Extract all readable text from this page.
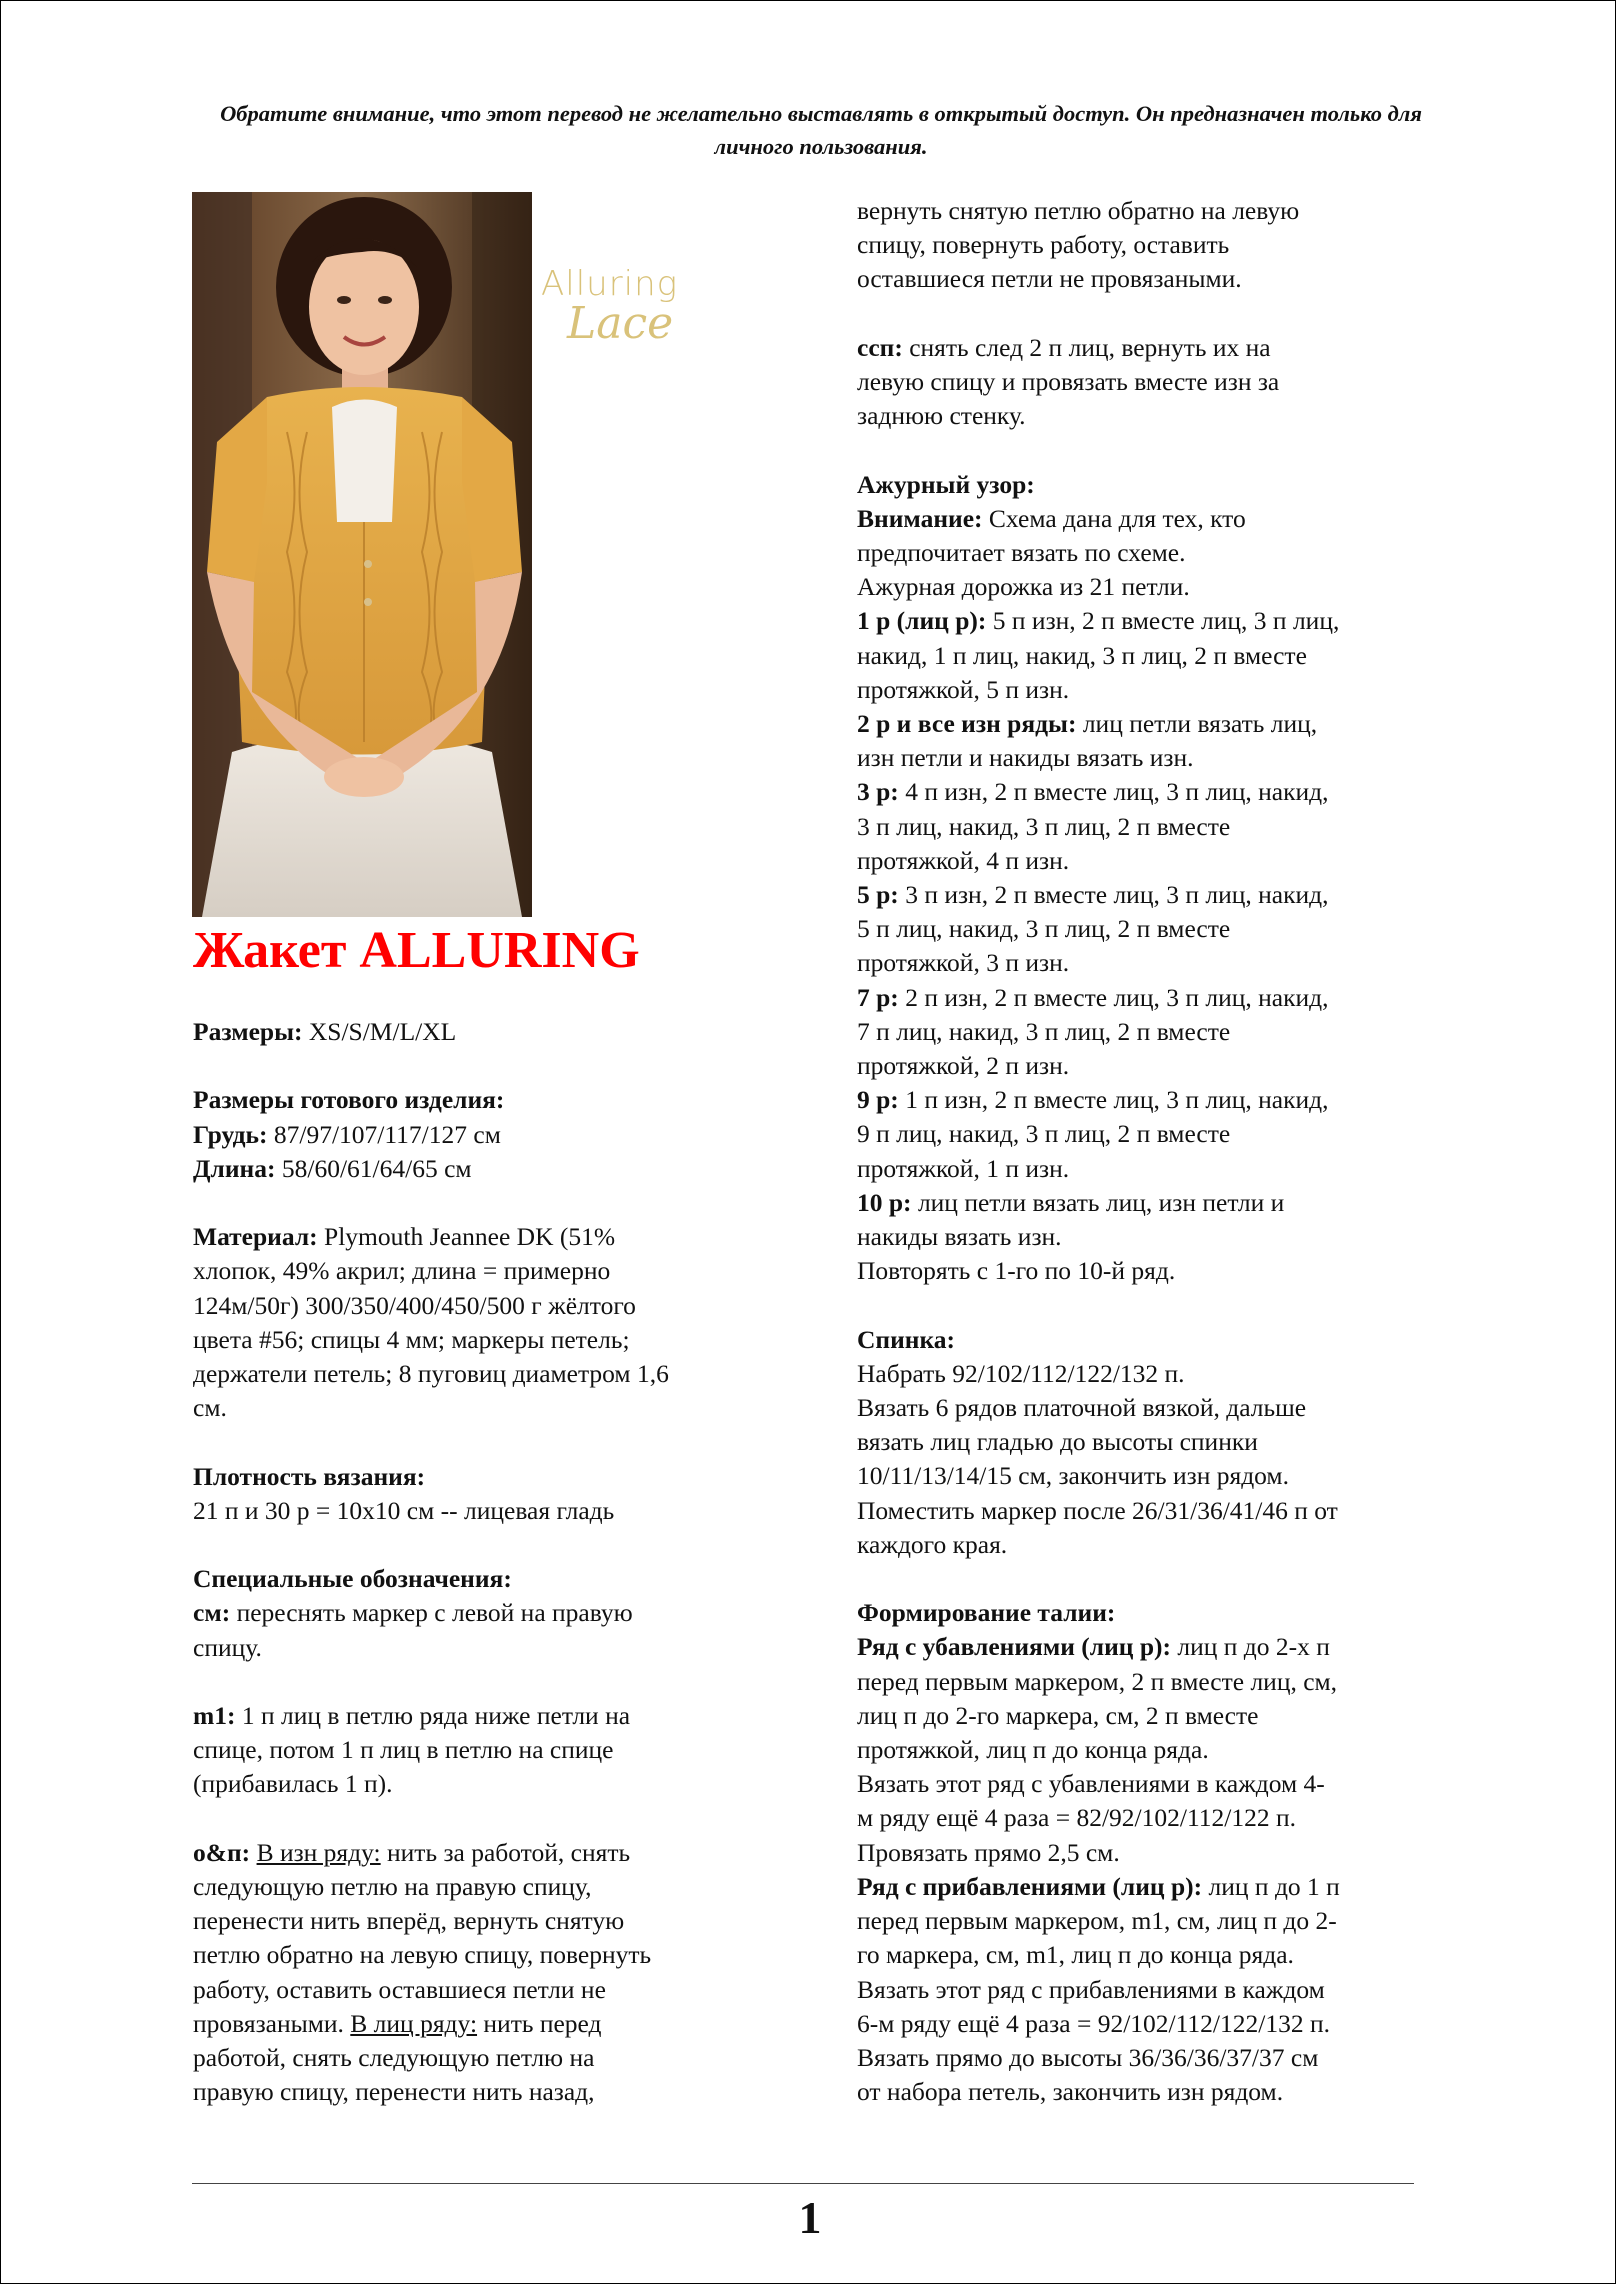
Обратите внимание, что этот перевод не желательно выставлять в открытый доступ. Он предназначен только для личного пользования.
Alluring
Lace
Жакет ALLURING

Размеры: XS/S/M/L/XL

Размеры готового изделия:

Грудь: 87/97/107/117/127 см

Длина: 58/60/61/64/65 см

Материал: Plymouth Jeannee DK (51%

хлопок, 49% акрил; длина = примерно

124м/50г) 300/350/400/450/500 г жёлтого

цвета #56; спицы 4 мм; маркеры петель;

держатели петель; 8 пуговиц диаметром 1,6

см.

Плотность вязания:

21 п и 30 р = 10х10 см -- лицевая гладь

Специальные обозначения:

см: переснять маркер с левой на правую

спицу.

m1: 1 п лиц в петлю ряда ниже петли на

спице, потом 1 п лиц в петлю на спице

(прибавилась 1 п).

о&п: В изн ряду: нить за работой, снять

следующую петлю на правую спицу,

перенести нить вперёд, вернуть снятую

петлю обратно на левую спицу, повернуть

работу, оставить оставшиеся петли не

провязаными. В лиц ряду: нить перед

работой, снять следующую петлю на

правую спицу, перенести нить назад,

вернуть снятую петлю обратно на левую

спицу, повернуть работу, оставить

оставшиеся петли не провязаными.

ссп: снять след 2 п лиц, вернуть их на

левую спицу и провязать вместе изн за

заднюю стенку.

Ажурный узор:

Внимание: Схема дана для тех, кто

предпочитает вязать по схеме.

Ажурная дорожка из 21 петли.

1 р (лиц р): 5 п изн, 2 п вместе лиц, 3 п лиц,

накид, 1 п лиц, накид, 3 п лиц, 2 п вместе

протяжкой, 5 п изн.

2 р и все изн ряды: лиц петли вязать лиц,

изн петли и накиды вязать изн.

3 р: 4 п изн, 2 п вместе лиц, 3 п лиц, накид,

3 п лиц, накид, 3 п лиц, 2 п вместе

протяжкой, 4 п изн.

5 р: 3 п изн, 2 п вместе лиц, 3 п лиц, накид,

5 п лиц, накид, 3 п лиц, 2 п вместе

протяжкой, 3 п изн.

7 р: 2 п изн, 2 п вместе лиц, 3 п лиц, накид,

7 п лиц, накид, 3 п лиц, 2 п вместе

протяжкой, 2 п изн.

9 р: 1 п изн, 2 п вместе лиц, 3 п лиц, накид,

9 п лиц, накид, 3 п лиц, 2 п вместе

протяжкой, 1 п изн.

10 р: лиц петли вязать лиц, изн петли и

накиды вязать изн.

Повторять с 1-го по 10-й ряд.

Спинка:

Набрать 92/102/112/122/132 п.

Вязать 6 рядов платочной вязкой, дальше

вязать лиц гладью до высоты спинки

10/11/13/14/15 см, закончить изн рядом.

Поместить маркер после 26/31/36/41/46 п от

каждого края.

Формирование талии:

Ряд с убавлениями (лиц р): лиц п до 2-х п

перед первым маркером, 2 п вместе лиц, см,

лиц п до 2-го маркера, см, 2 п вместе

протяжкой, лиц п до конца ряда.

Вязать этот ряд с убавлениями в каждом 4-

м ряду ещё 4 раза = 82/92/102/112/122 п.

Провязать прямо 2,5 см.

Ряд с прибавлениями (лиц р): лиц п до 1 п

перед первым маркером, m1, см, лиц п до 2-

го маркера, см, m1, лиц п до конца ряда.

Вязать этот ряд с прибавлениями в каждом

6-м ряду ещё 4 раза = 92/102/112/122/132 п.

Вязать прямо до высоты 36/36/36/37/37 см

от набора петель, закончить изн рядом.

1
